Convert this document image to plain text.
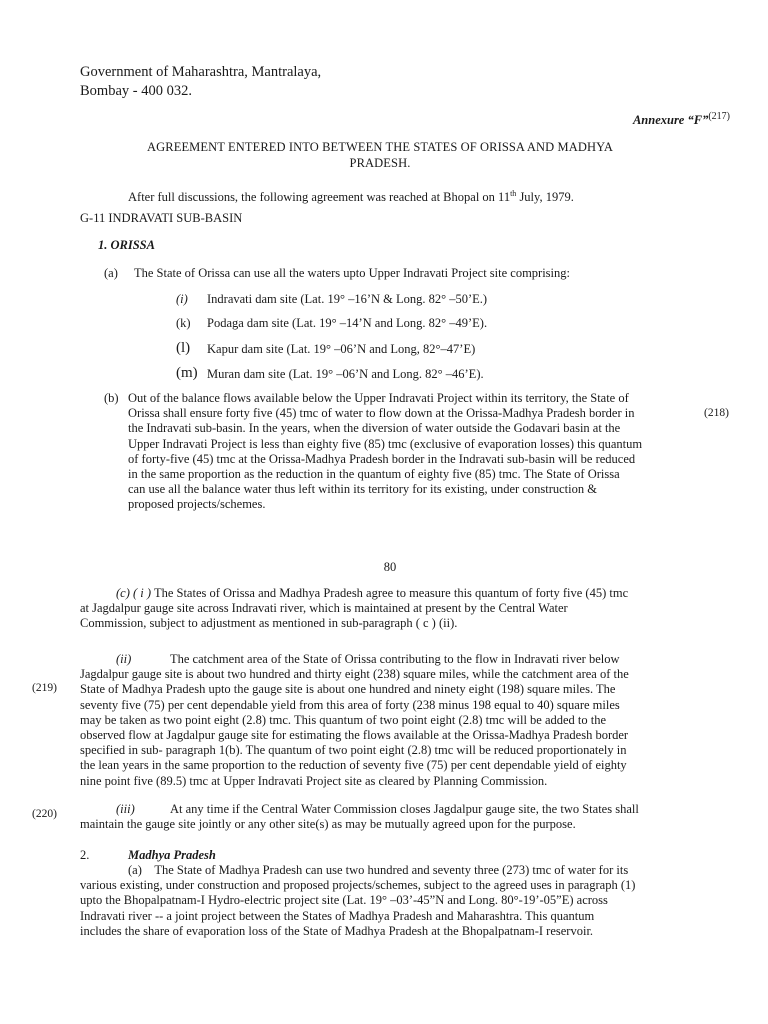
Government of Maharashtra, Mantralaya,
Bombay - 400 032.
Annexure “F”$^{(217)}$
AGREEMENT ENTERED INTO BETWEEN THE STATES OF ORISSA AND MADHYA
PRADESH.
After full discussions, the following agreement was reached at Bhopal on 11th July, 1979.
G-11 INDRAVATI SUB-BASIN
1. ORISSA
(a) The State of Orissa can use all the waters upto Upper Indravati Project site comprising:
(i) Indravati dam site (Lat. 19° –16’N & Long. 82° –50’E.)
(k) Podaga dam site (Lat. 19° –14’N and Long. 82° –49’E).
(l) Kapur dam site (Lat. 19° –06’N and Long, 82°–47’E)
(m) Muran dam site (Lat. 19° –06’N and Long. 82° –46’E).
(b) Out of the balance flows available below the Upper Indravati Project within its territory, the State of
Orissa shall ensure forty five (45) tmc of water to flow down at the Orissa-Madhya Pradesh border in	(218)
the Indravati sub-basin. In the years, when the diversion of water outside the Godavari basin at the
Upper Indravati Project is less than eighty five (85) tmc (exclusive of evaporation losses) this quantum
of forty-five (45) tmc at the Orissa-Madhya Pradesh border in the Indravati sub-basin will be reduced
in the same proportion as the reduction in the quantum of eighty five (85) tmc. The State of Orissa
can use all the balance water thus left within its territory for its existing, under construction &
proposed projects/schemes.
80
(c) ( i ) The States of Orissa and Madhya Pradesh agree to measure this quantum of forty five (45) tmc
at Jagdalpur gauge site across Indravati river, which is maintained at present by the Central Water
Commission, subject to adjustment as mentioned in sub-paragraph ( c ) (ii).
(219)
(ii)	The catchment area of the State of Orissa contributing to the flow in Indravati river below
Jagdalpur gauge site is about two hundred and thirty eight (238) square miles, while the catchment area of the
State of Madhya Pradesh upto the gauge site is about one hundred and ninety eight (198) square miles. The
seventy five (75) per cent dependable yield from this area of forty (238 minus 198 equal to 40) square miles
may be taken as two point eight (2.8) tmc. This quantum of two point eight (2.8) tmc will be added to the
observed flow at Jagdalpur gauge site for estimating the flows available at the Orissa-Madhya Pradesh border
specified in sub- paragraph 1(b). The quantum of two point eight (2.8) tmc will be reduced proportionately in
the lean years in the same proportion to the reduction of seventy five (75) per cent dependable yield of eighty
nine point five (89.5) tmc at Upper Indravati Project site as cleared by Planning Commission.
(220)	(iii)	At any time if the Central Water Commission closes Jagdalpur gauge site, the two States shall
maintain the gauge site jointly or any other site(s) as may be mutually agreed upon for the purpose.
2.	Madhya Pradesh
(a) The State of Madhya Pradesh can use two hundred and seventy three (273) tmc of water for its
various existing, under construction and proposed projects/schemes, subject to the agreed uses in paragraph (1)
upto the Bhopalpatnam-I Hydro-electric project site (Lat. 19° –03’-45”N and Long. 80°-19’-05”E) across
Indravati river -- a joint project between the States of Madhya Pradesh and Maharashtra. This quantum
includes the share of evaporation loss of the State of Madhya Pradesh at the Bhopalpatnam-I reservoir.
